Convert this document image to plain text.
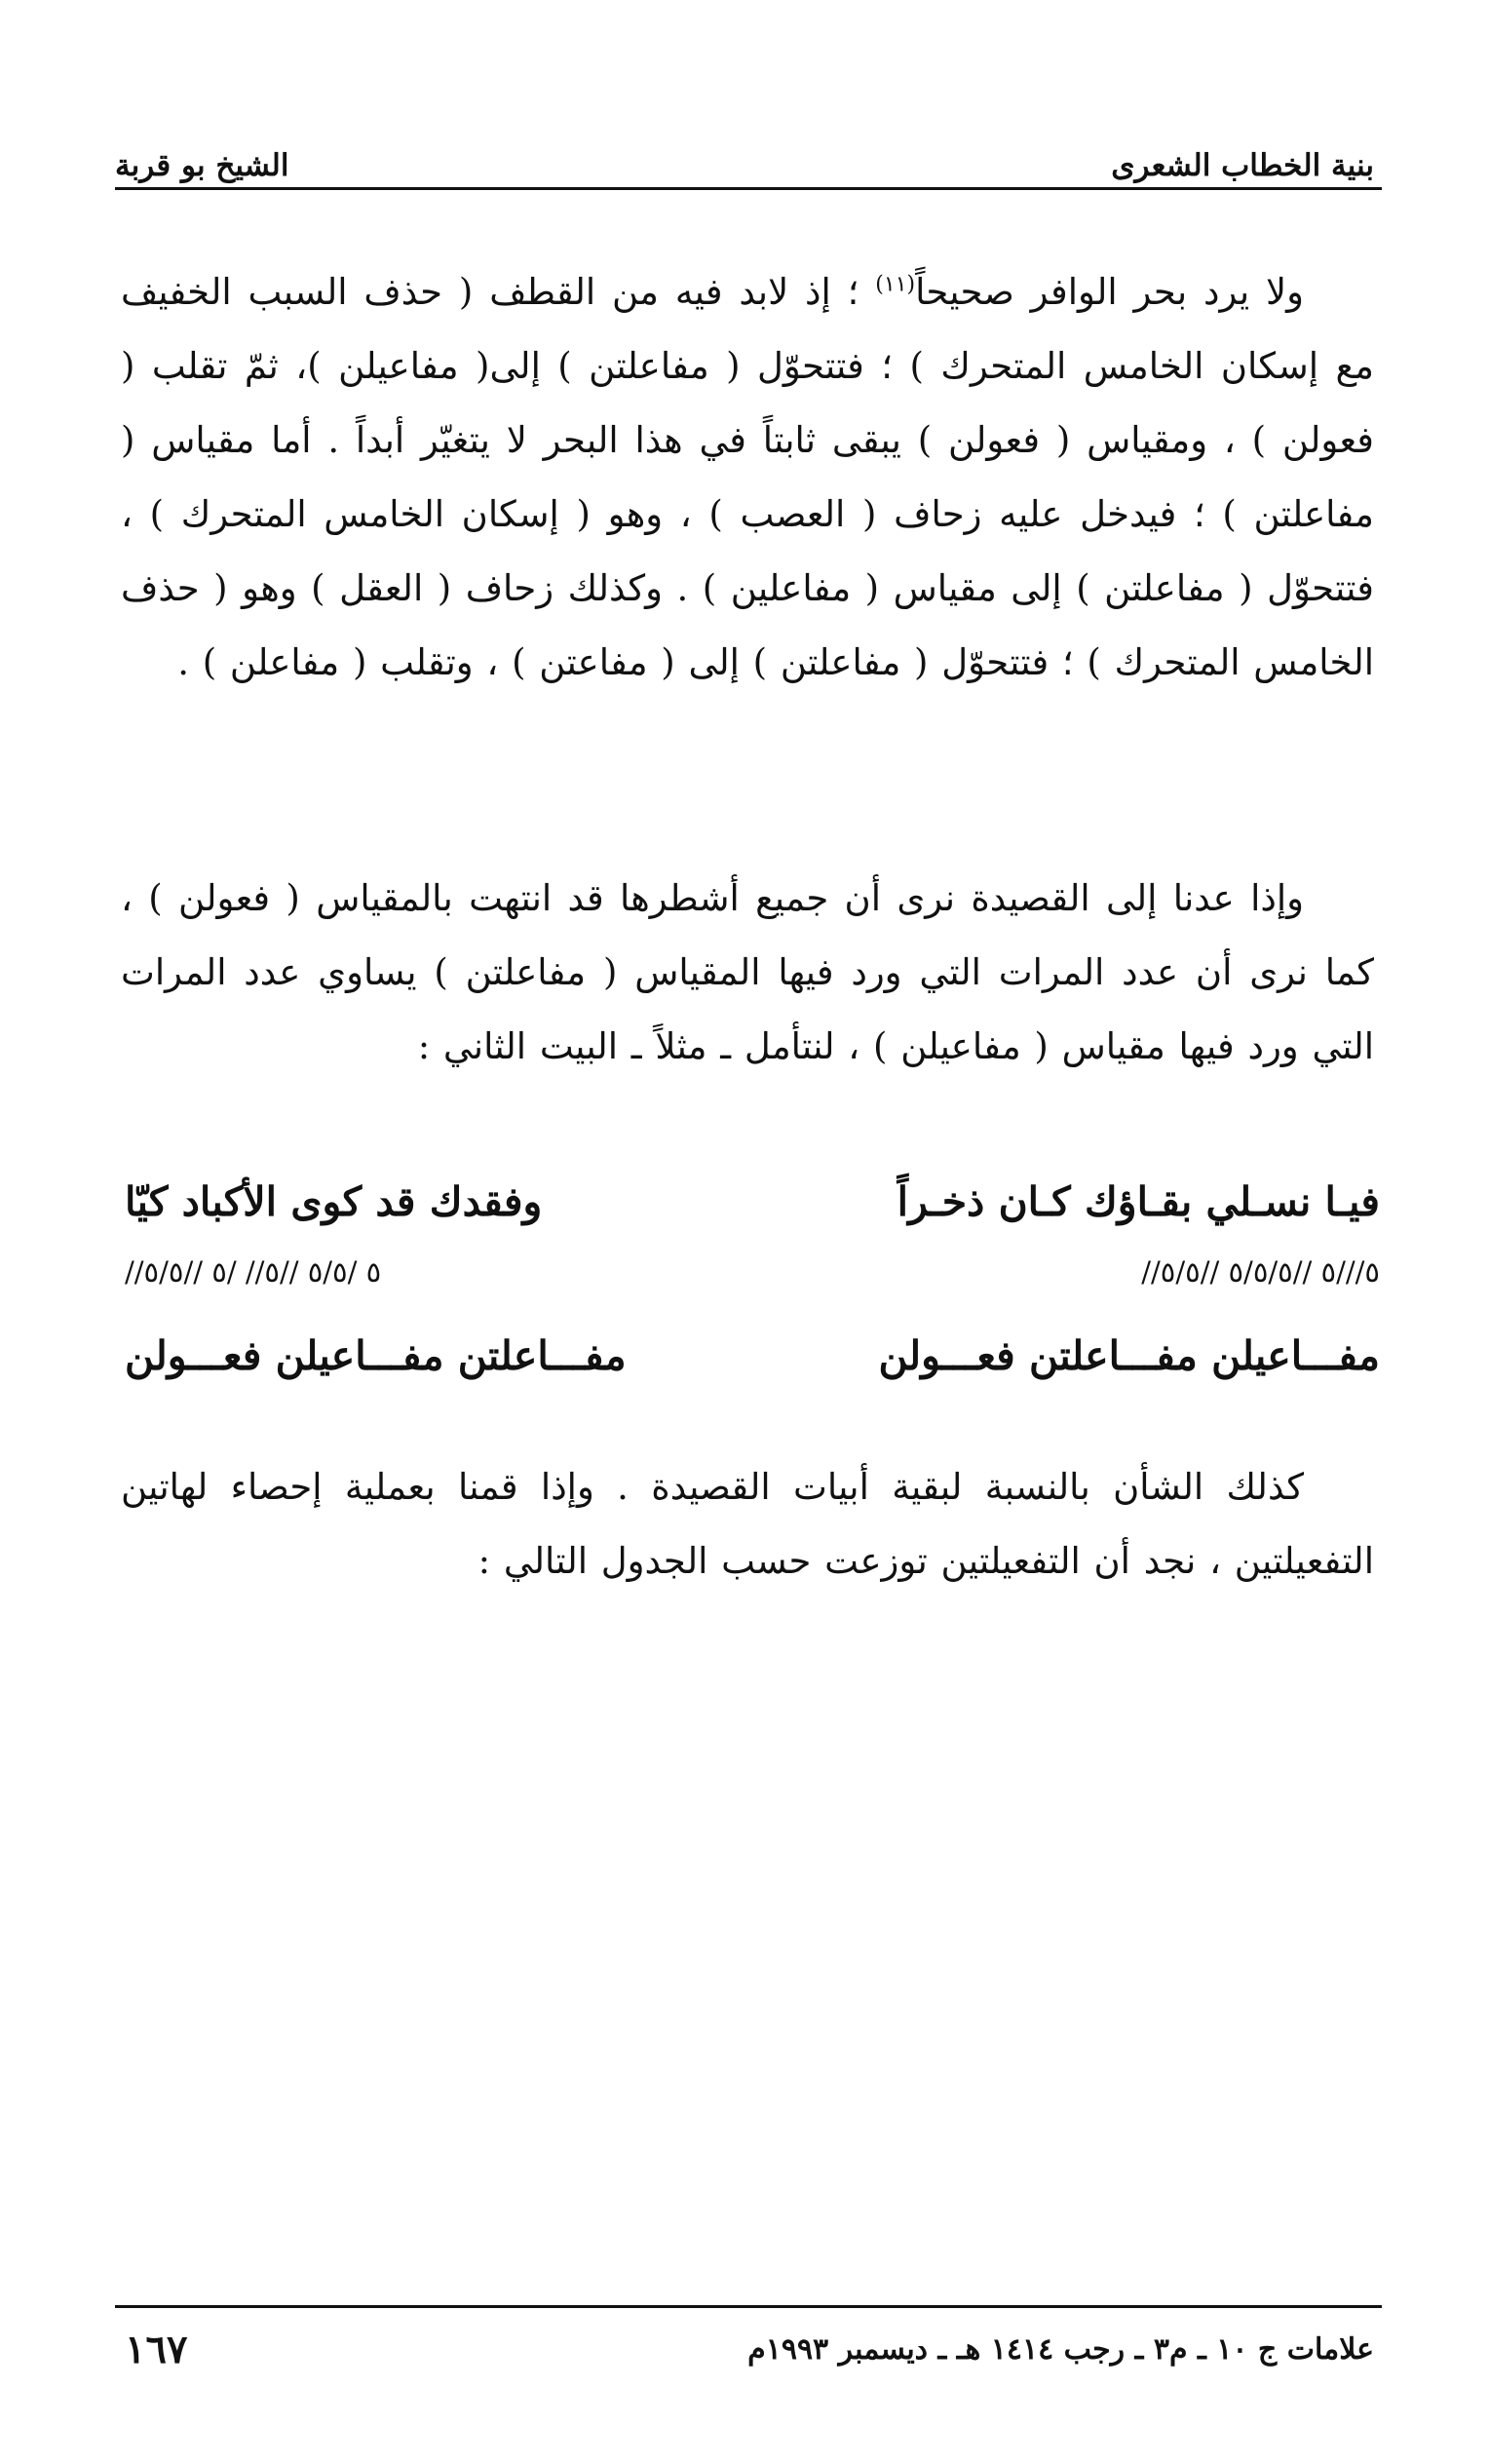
بنية الخطاب الشعرى
الشيخ بو قربة

ولا يرد بحر الوافر صحيحاً$^{(١١)}$ ؛ إذ لابد فيه من القطف ( حذف السبب الخفيف مع إسكان الخامس المتحرك ) ؛ فتتحوّل ( مفاعلتن ) إلى( مفاعيلن )، ثمّ تقلب ( فعولن ) ، ومقياس ( فعولن ) يبقى ثابتاً في هذا البحر لا يتغيّر أبداً . أما مقياس ( مفاعلتن ) ؛ فيدخل عليه زحاف ( العصب ) ، وهو ( إسكان الخامس المتحرك ) ، فتتحوّل ( مفاعلتن ) إلى مقياس ( مفاعلين ) . وكذلك زحاف ( العقل ) وهو ( حذف الخامس المتحرك ) ؛ فتتحوّل ( مفاعلتن ) إلى ( مفاعتن ) ، وتقلب ( مفاعلن ) .

وإذا عدنا إلى القصيدة نرى أن جميع أشطرها قد انتهت بالمقياس ( فعولن ) ، كما نرى أن عدد المرات التي ورد فيها المقياس ( مفاعلتن ) يساوي عدد المرات التي ورد فيها مقياس ( مفاعيلن ) ، لنتأمل ـ مثلاً ـ البيت الثاني :

فيـا نسـلي بقـاؤك كـان ذخـراً
وفقدك قد كوى الأكباد كيّا
//٥ /٥/٥ //٥// /٥ //٥/٥	//٥///٥ //٥/٥/٥ //٥/٥
مفـــاعيلن مفـــاعلتن فعـــولن
مفـــاعلتن مفـــاعيلن فعـــولن

كذلك الشأن بالنسبة لبقية أبيات القصيدة . وإذا قمنا بعملية إحصاء لهاتين التفعيلتين ، نجد أن التفعيلتين توزعت حسب الجدول التالي :

علامات ج ١٠ ـ م٣ ـ رجب ١٤١٤ هـ ـ ديسمبر ١٩٩٣م
١٦٧
